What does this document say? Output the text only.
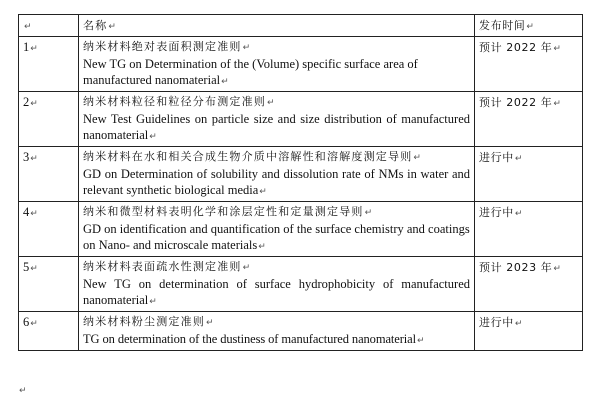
↵	名称↵	发布时间↵
1↵	纳米材料绝对表面积测定准则↵
New TG on Determination of the (Volume) specific surface area of manufactured nanomaterial↵	预计 2022 年↵
2↵	纳米材料粒径和粒径分布测定准则↵
New Test Guidelines on particle size and size distribution of manufactured nanomaterial↵	预计 2022 年↵
3↵	纳米材料在水和相关合成生物介质中溶解性和溶解度测定导则↵
GD on Determination of solubility and dissolution rate of NMs in water and relevant synthetic biological media↵	进行中↵
4↵	纳米和微型材料表明化学和涂层定性和定量测定导则↵
GD on identification and quantification of the surface chemistry and coatings on Nano- and microscale materials↵	进行中↵
5↵	纳米材料表面疏水性测定准则↵
New TG on determination of surface hydrophobicity of manufactured nanomaterial↵	预计 2023 年↵
6↵	纳米材料粉尘测定准则↵
TG on determination of the dustiness of manufactured nanomaterial↵	进行中↵
↵
